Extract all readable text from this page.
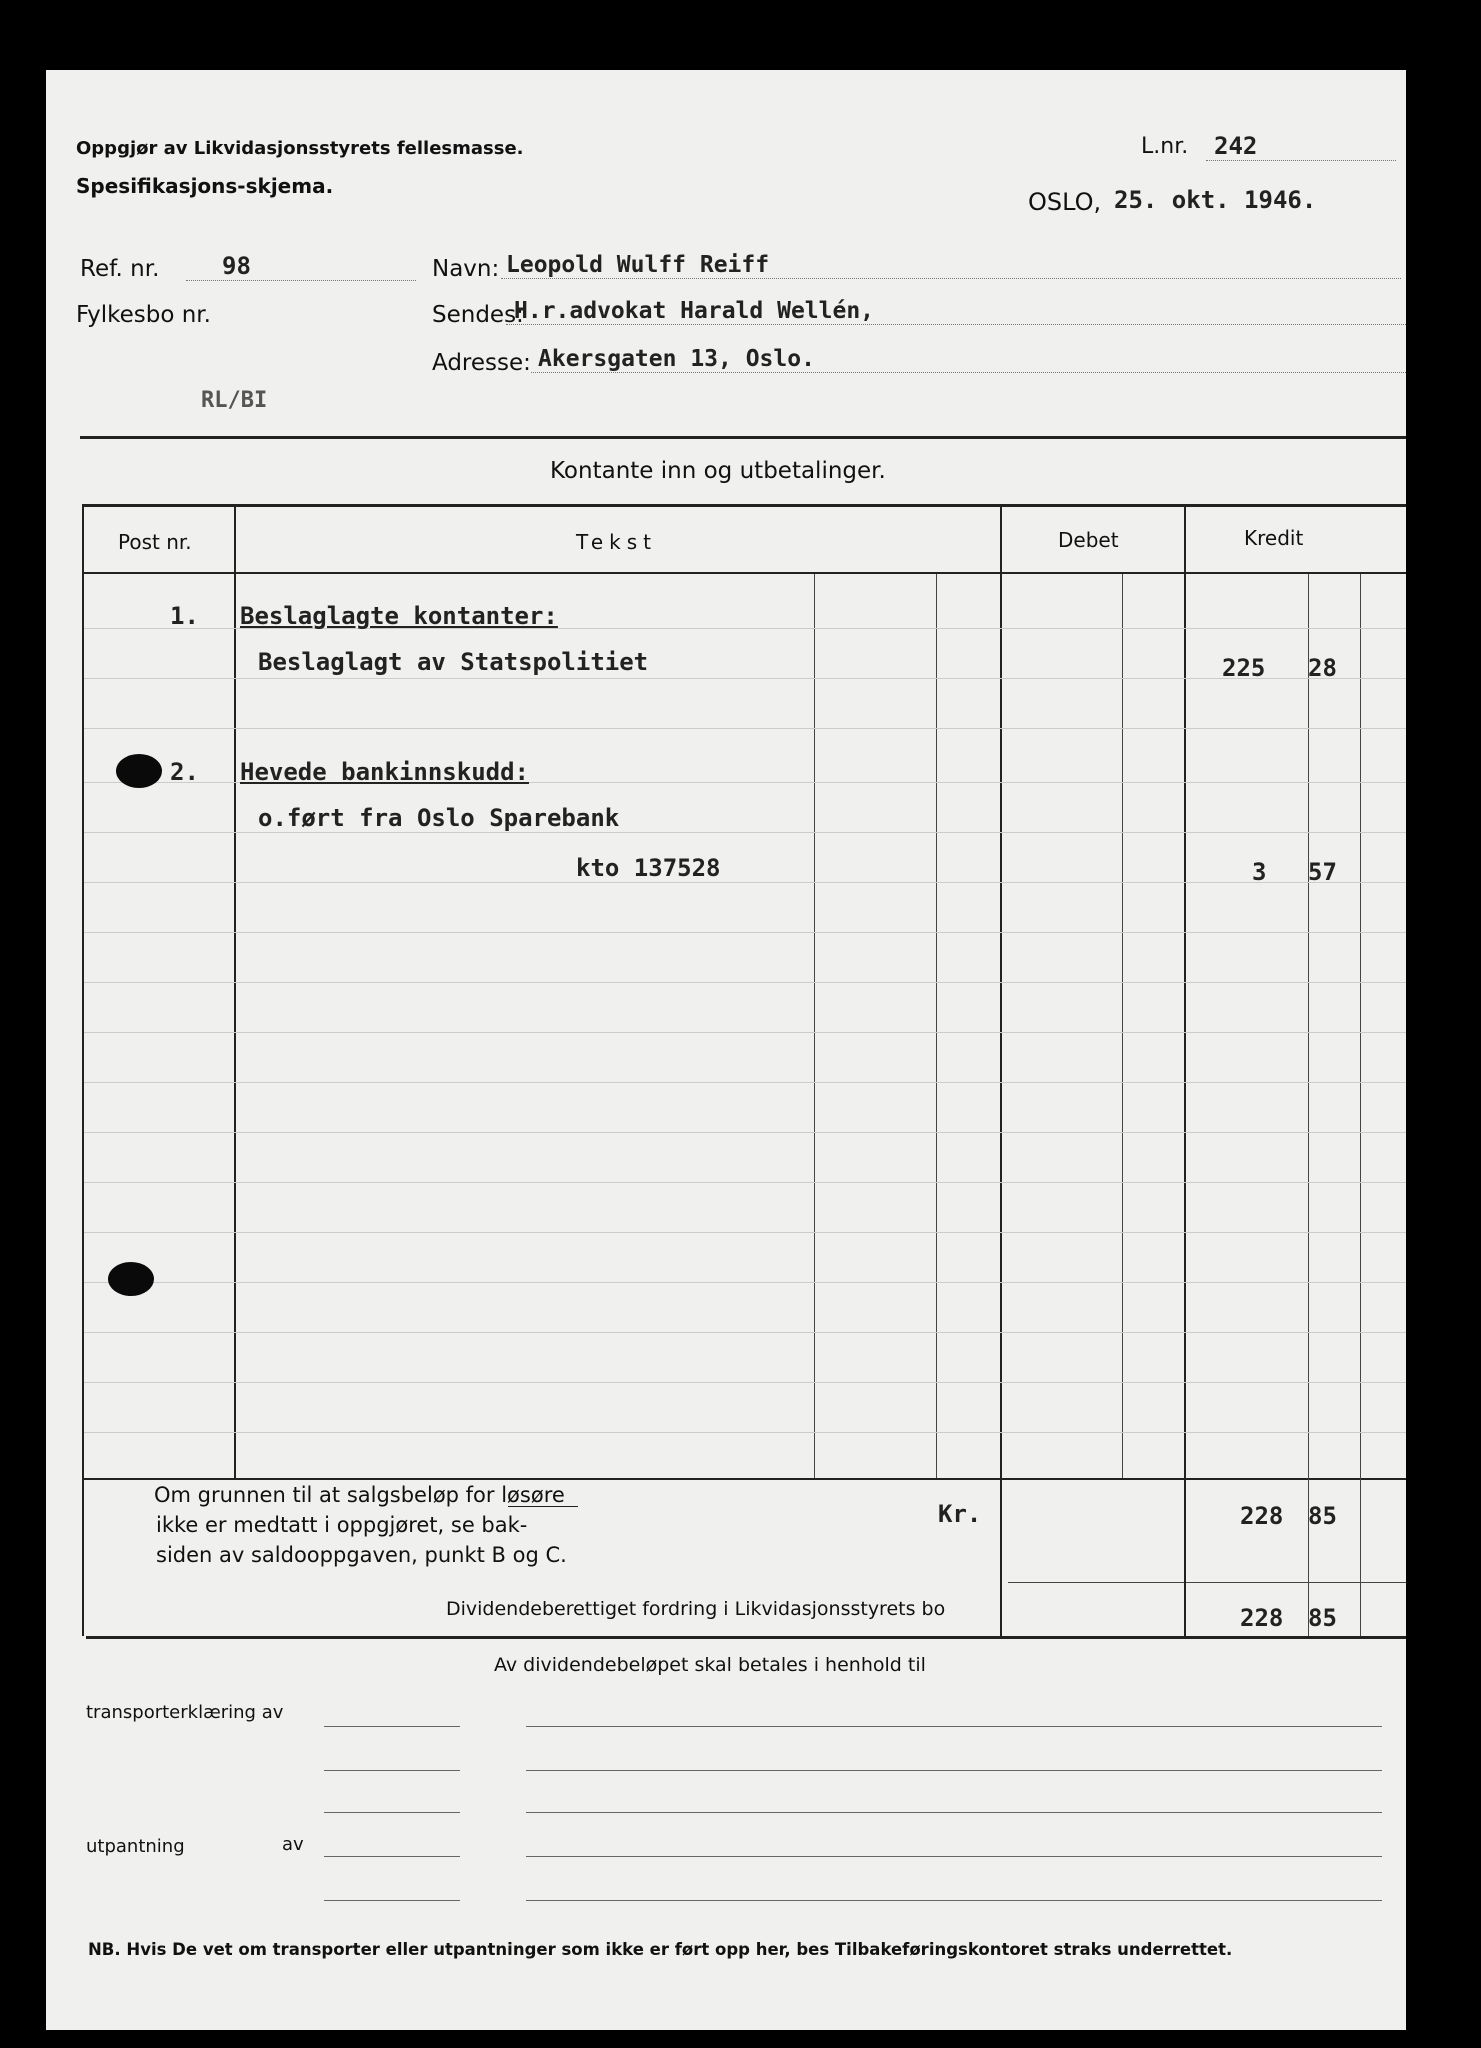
Oppgjør av Likvidasjonsstyrets fellesmasse.
Spesifikasjons-skjema.
L.nr. 242
OSLO, 25. okt. 1946.
Ref. nr.	98
Fylkesbo nr.
RL/BI
Navn: Leopold Wulff Reiff
Sendes:
H.r.advokat Harald Wellén,
Adresse: Akersgaten 13, Oslo.
Kontante inn og utbetalinger.
Post nr.	Tekst	Debet	Kredit
1. Beslaglagte kontanter:
Beslaglagt av Statspolitiet	225 28
2. Hevede bankinnskudd:
o.ført fra Oslo Sparebank
kto 137528	3 57
Om grunnen til at salgsbeløp for løsøre
ikke er medtatt i oppgjøret, se bak-
siden av saldooppgaven, punkt B og C.
Kr.	228 85
Dividendeberettiget fordring i Likvidasjonsstyrets bo	228 85
Av dividendebeløpet skal betales i henhold til
transporterklæring av
utpantning	av
NB. Hvis De vet om transporter eller utpantninger som ikke er ført opp her, bes Tilbakeføringskontoret straks underrettet.
